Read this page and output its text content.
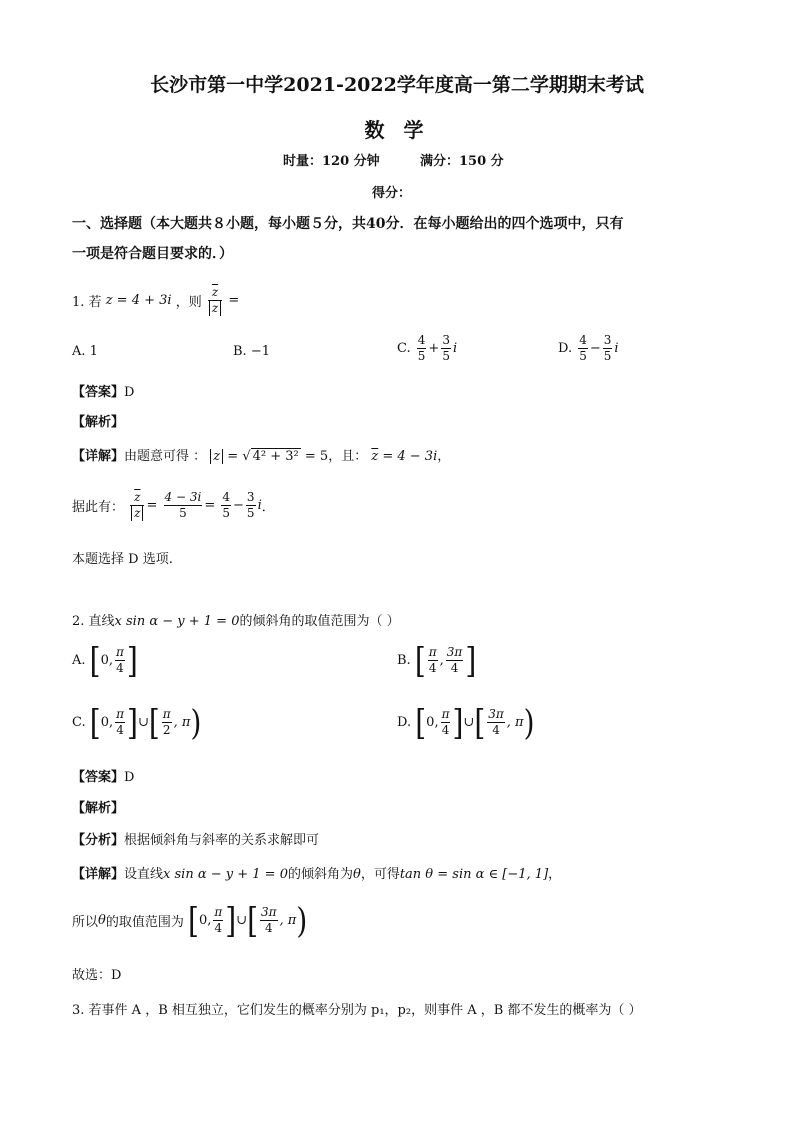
长沙市第一中学2021-2022学年度高一第二学期期末考试
数 学
时量：120 分钟	满分：150 分
得分：
一、选择题（本大题共８小题，每小题５分，共40分．在每小题给出的四个选项中，只有
一项是符合题目要求的．）
1. 若 z = 4 + 3i ，则 $\frac{\overline{z}}{z}$ =
A. 1	B. −1	C. $\frac{4}{5} + \frac{3}{5}$ i	D. $\frac{4}{5} - \frac{3}{5}$ i
【答案】D
【解析】
【详解】由题意可得 ： z = √ 4² + 3² = 5，且： $\overline{z} = 4 - 3i$，
据此有： $\frac{\overline{z}}{z} = \frac{4 - 3i}{5} = \frac{4}{5} - \frac{3}{5}$ i．
本题选择 D 选项.
2. 直线x sin α − y + 1 = 0的倾斜角的取值范围为（ ）
A. [0, $\frac{\pi}{4}$ ]	B. [ $\frac{\pi}{4}$ , $\frac{3\pi}{4}$ ]
C. [0, $\frac{\pi}{4}$ ]∪[ $\frac{\pi}{2}$ , π)	D. [0, $\frac{\pi}{4}$ ]∪[ $\frac{3\pi}{4}$ , π)
【答案】D
【解析】
【分析】根据倾斜角与斜率的关系求解即可
【详解】设直线x sin α − y + 1 = 0的倾斜角为θ，可得tan θ = sin α ∈ [−1, 1]，
所以θ的取值范围为 [0, $\frac{\pi}{4}$ ]∪[ $\frac{3\pi}{4}$ , π)
故选：D
3. 若事件 A ，B 相互独立，它们发生的概率分别为 p₁，p₂，则事件 A ，B 都不发生的概率为（ ）
